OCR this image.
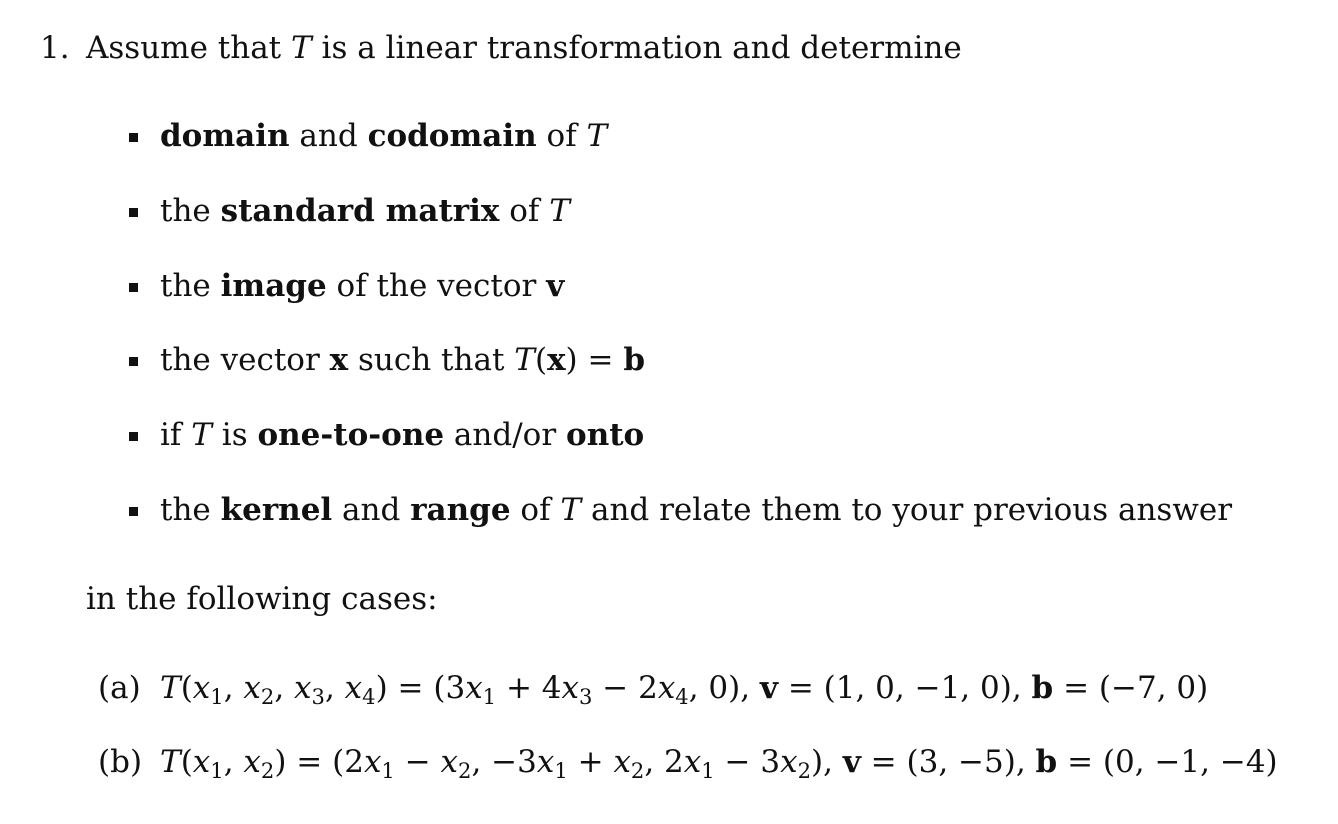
1. Assume that T is a linear transformation and determine
domain and codomain of T
the standard matrix of T
the image of the vector v
the vector x such that T(x) = b
if T is one-to-one and/or onto
the kernel and range of T and relate them to your previous answer
in the following cases:
(a) $T(x_1$, $x_2$, $x_3$, $x_4) = (3x_1 + 4x_3 - 2x_4$, 0), v = (1, 0, −1, 0), b = (−7, 0)
(b) $T(x_1$, $x_2) = (2x_1 - x_2$, $-3x_1 + x_2$, $2x_1 - 3x_2$), v = (3, −5), b = (0, −1, −4)
